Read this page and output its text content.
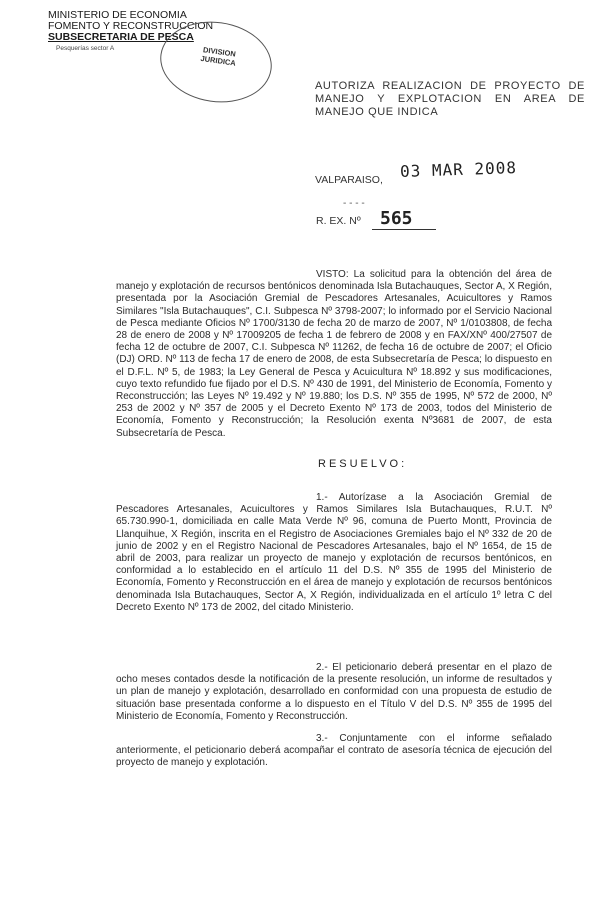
MINISTERIO DE ECONOMIA
FOMENTO Y RECONSTRUCCION
SUBSECRETARIA DE PESCA
Pesquerías sector A	DIVISION JURIDICA
AUTORIZA REALIZACION DE PROYECTO DE MANEJO Y EXPLOTACION EN AREA DE MANEJO QUE INDICA
VALPARAISO, 03 MAR 2008
- - - -
R. EX. Nº 565
VISTO: La solicitud para la obtención del área de manejo y explotación de recursos bentónicos denominada Isla Butachauques, Sector A, X Región, presentada por la Asociación Gremial de Pescadores Artesanales, Acuicultores y Ramos Similares "Isla Butachauques", C.I. Subpesca Nº 3798-2007; lo informado por el Servicio Nacional de Pesca mediante Oficios Nº 1700/3130 de fecha 20 de marzo de 2007, Nº 1/0103808, de fecha 28 de enero de 2008 y Nº 17009205 de fecha 1 de febrero de 2008 y en FAX/XNº 400/27507 de fecha 12 de octubre de 2007, C.I. Subpesca Nº 11262, de fecha 16 de octubre de 2007; el Oficio (DJ) ORD. Nº 113 de fecha 17 de enero de 2008, de esta Subsecretaría de Pesca; lo dispuesto en el D.F.L. Nº 5, de 1983; la Ley General de Pesca y Acuicultura Nº 18.892 y sus modificaciones, cuyo texto refundido fue fijado por el D.S. Nº 430 de 1991, del Ministerio de Economía, Fomento y Reconstrucción; las Leyes Nº 19.492 y Nº 19.880; los D.S. Nº 355 de 1995, Nº 572 de 2000, Nº 253 de 2002 y Nº 357 de 2005 y el Decreto Exento Nº 173 de 2003, todos del Ministerio de Economía, Fomento y Reconstrucción; la Resolución exenta Nº3681 de 2007, de esta Subsecretaría de Pesca.
RESUELVO:
1.- Autorízase a la Asociación Gremial de Pescadores Artesanales, Acuicultores y Ramos Similares Isla Butachauques, R.U.T. Nº 65.730.990-1, domiciliada en calle Mata Verde Nº 96, comuna de Puerto Montt, Provincia de Llanquihue, X Región, inscrita en el Registro de Asociaciones Gremiales bajo el Nº 332 de 20 de junio de 2002 y en el Registro Nacional de Pescadores Artesanales, bajo el Nº 1654, de 15 de abril de 2003, para realizar un proyecto de manejo y explotación de recursos bentónicos, en conformidad a lo establecido en el artículo 11 del D.S. Nº 355 de 1995 del Ministerio de Economía, Fomento y Reconstrucción en el área de manejo y explotación de recursos bentónicos denominada Isla Butachauques, Sector A, X Región, individualizada en el artículo 1º letra C del Decreto Exento Nº 173 de 2002, del citado Ministerio.
2.- El peticionario deberá presentar en el plazo de ocho meses contados desde la notificación de la presente resolución, un informe de resultados y un plan de manejo y explotación, desarrollado en conformidad con una propuesta de estudio de situación base presentada conforme a lo dispuesto en el Título V del D.S. Nº 355 de 1995 del Ministerio de Economía, Fomento y Reconstrucción.
3.- Conjuntamente con el informe señalado anteriormente, el peticionario deberá acompañar el contrato de asesoría técnica de ejecución del proyecto de manejo y explotación.
